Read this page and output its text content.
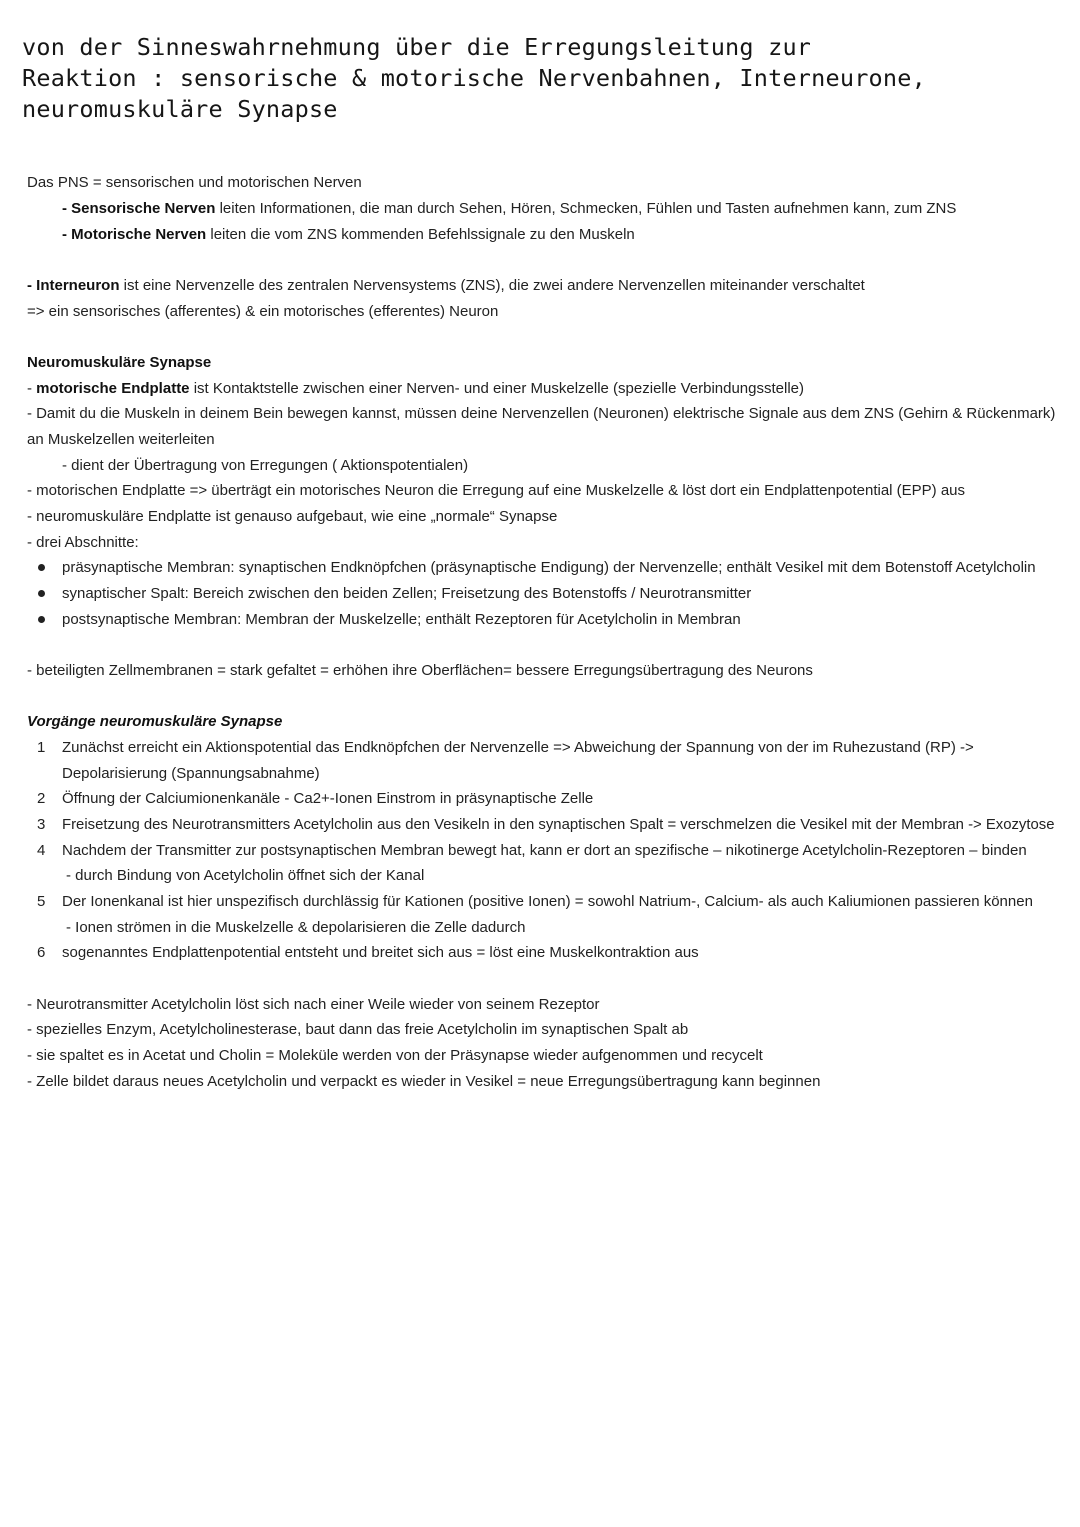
von der Sinneswahrnehmung über die Erregungsleitung zur
Reaktion : sensorische & motorische Nervenbahnen, Interneurone,
neuromuskuläre Synapse
Das PNS = sensorischen und motorischen Nerven
- Sensorische Nerven leiten Informationen, die man durch Sehen, Hören, Schmecken, Fühlen und Tasten aufnehmen kann, zum ZNS
- Motorische Nerven leiten die vom ZNS kommenden Befehlssignale zu den Muskeln
- Interneuron ist eine Nervenzelle des zentralen Nervensystems (ZNS), die zwei andere Nervenzellen miteinander verschaltet
=> ein sensorisches (afferentes) & ein motorisches (efferentes) Neuron
Neuromuskuläre Synapse
- motorische Endplatte ist Kontaktstelle zwischen einer Nerven- und einer Muskelzelle (spezielle Verbindungsstelle)
- Damit du die Muskeln in deinem Bein bewegen kannst, müssen deine Nervenzellen (Neuronen) elektrische Signale aus dem ZNS (Gehirn & Rückenmark)
an Muskelzellen weiterleiten
- dient der Übertragung von Erregungen ( Aktionspotentialen)
- motorischen Endplatte => überträgt ein motorisches Neuron die Erregung auf eine Muskelzelle & löst dort ein Endplattenpotential (EPP) aus
- neuromuskuläre Endplatte ist genauso aufgebaut, wie eine „normale“ Synapse
- drei Abschnitte:
präsynaptische Membran: synaptischen Endknöpfchen (präsynaptische Endigung) der Nervenzelle; enthält Vesikel mit dem Botenstoff Acetylcholin
synaptischer Spalt: Bereich zwischen den beiden Zellen; Freisetzung des Botenstoffs / Neurotransmitter
postsynaptische Membran: Membran der Muskelzelle; enthält Rezeptoren für Acetylcholin in Membran
- beteiligten Zellmembranen = stark gefaltet = erhöhen ihre Oberflächen= bessere Erregungsübertragung des Neurons
Vorgänge neuromuskuläre Synapse
1 Zunächst erreicht ein Aktionspotential das Endknöpfchen der Nervenzelle => Abweichung der Spannung von der im Ruhezustand (RP) ->
Depolarisierung (Spannungsabnahme)
2 Öffnung der Calciumionenkanäle - Ca2+-Ionen Einstrom in präsynaptische Zelle
3 Freisetzung des Neurotransmitters Acetylcholin aus den Vesikeln in den synaptischen Spalt = verschmelzen die Vesikel mit der Membran -> Exozytose
4 Nachdem der Transmitter zur postsynaptischen Membran bewegt hat, kann er dort an spezifische – nikotinerge Acetylcholin-Rezeptoren – binden
- durch Bindung von Acetylcholin öffnet sich der Kanal
5 Der Ionenkanal ist hier unspezifisch durchlässig für Kationen (positive Ionen) = sowohl Natrium-, Calcium- als auch Kaliumionen passieren können
- Ionen strömen in die Muskelzelle & depolarisieren die Zelle dadurch
6 sogenanntes Endplattenpotential entsteht und breitet sich aus = löst eine Muskelkontraktion aus
- Neurotransmitter Acetylcholin löst sich nach einer Weile wieder von seinem Rezeptor
- spezielles Enzym, Acetylcholinesterase, baut dann das freie Acetylcholin im synaptischen Spalt ab
- sie spaltet es in Acetat und Cholin = Moleküle werden von der Präsynapse wieder aufgenommen und recycelt
- Zelle bildet daraus neues Acetylcholin und verpackt es wieder in Vesikel = neue Erregungsübertragung kann beginnen
